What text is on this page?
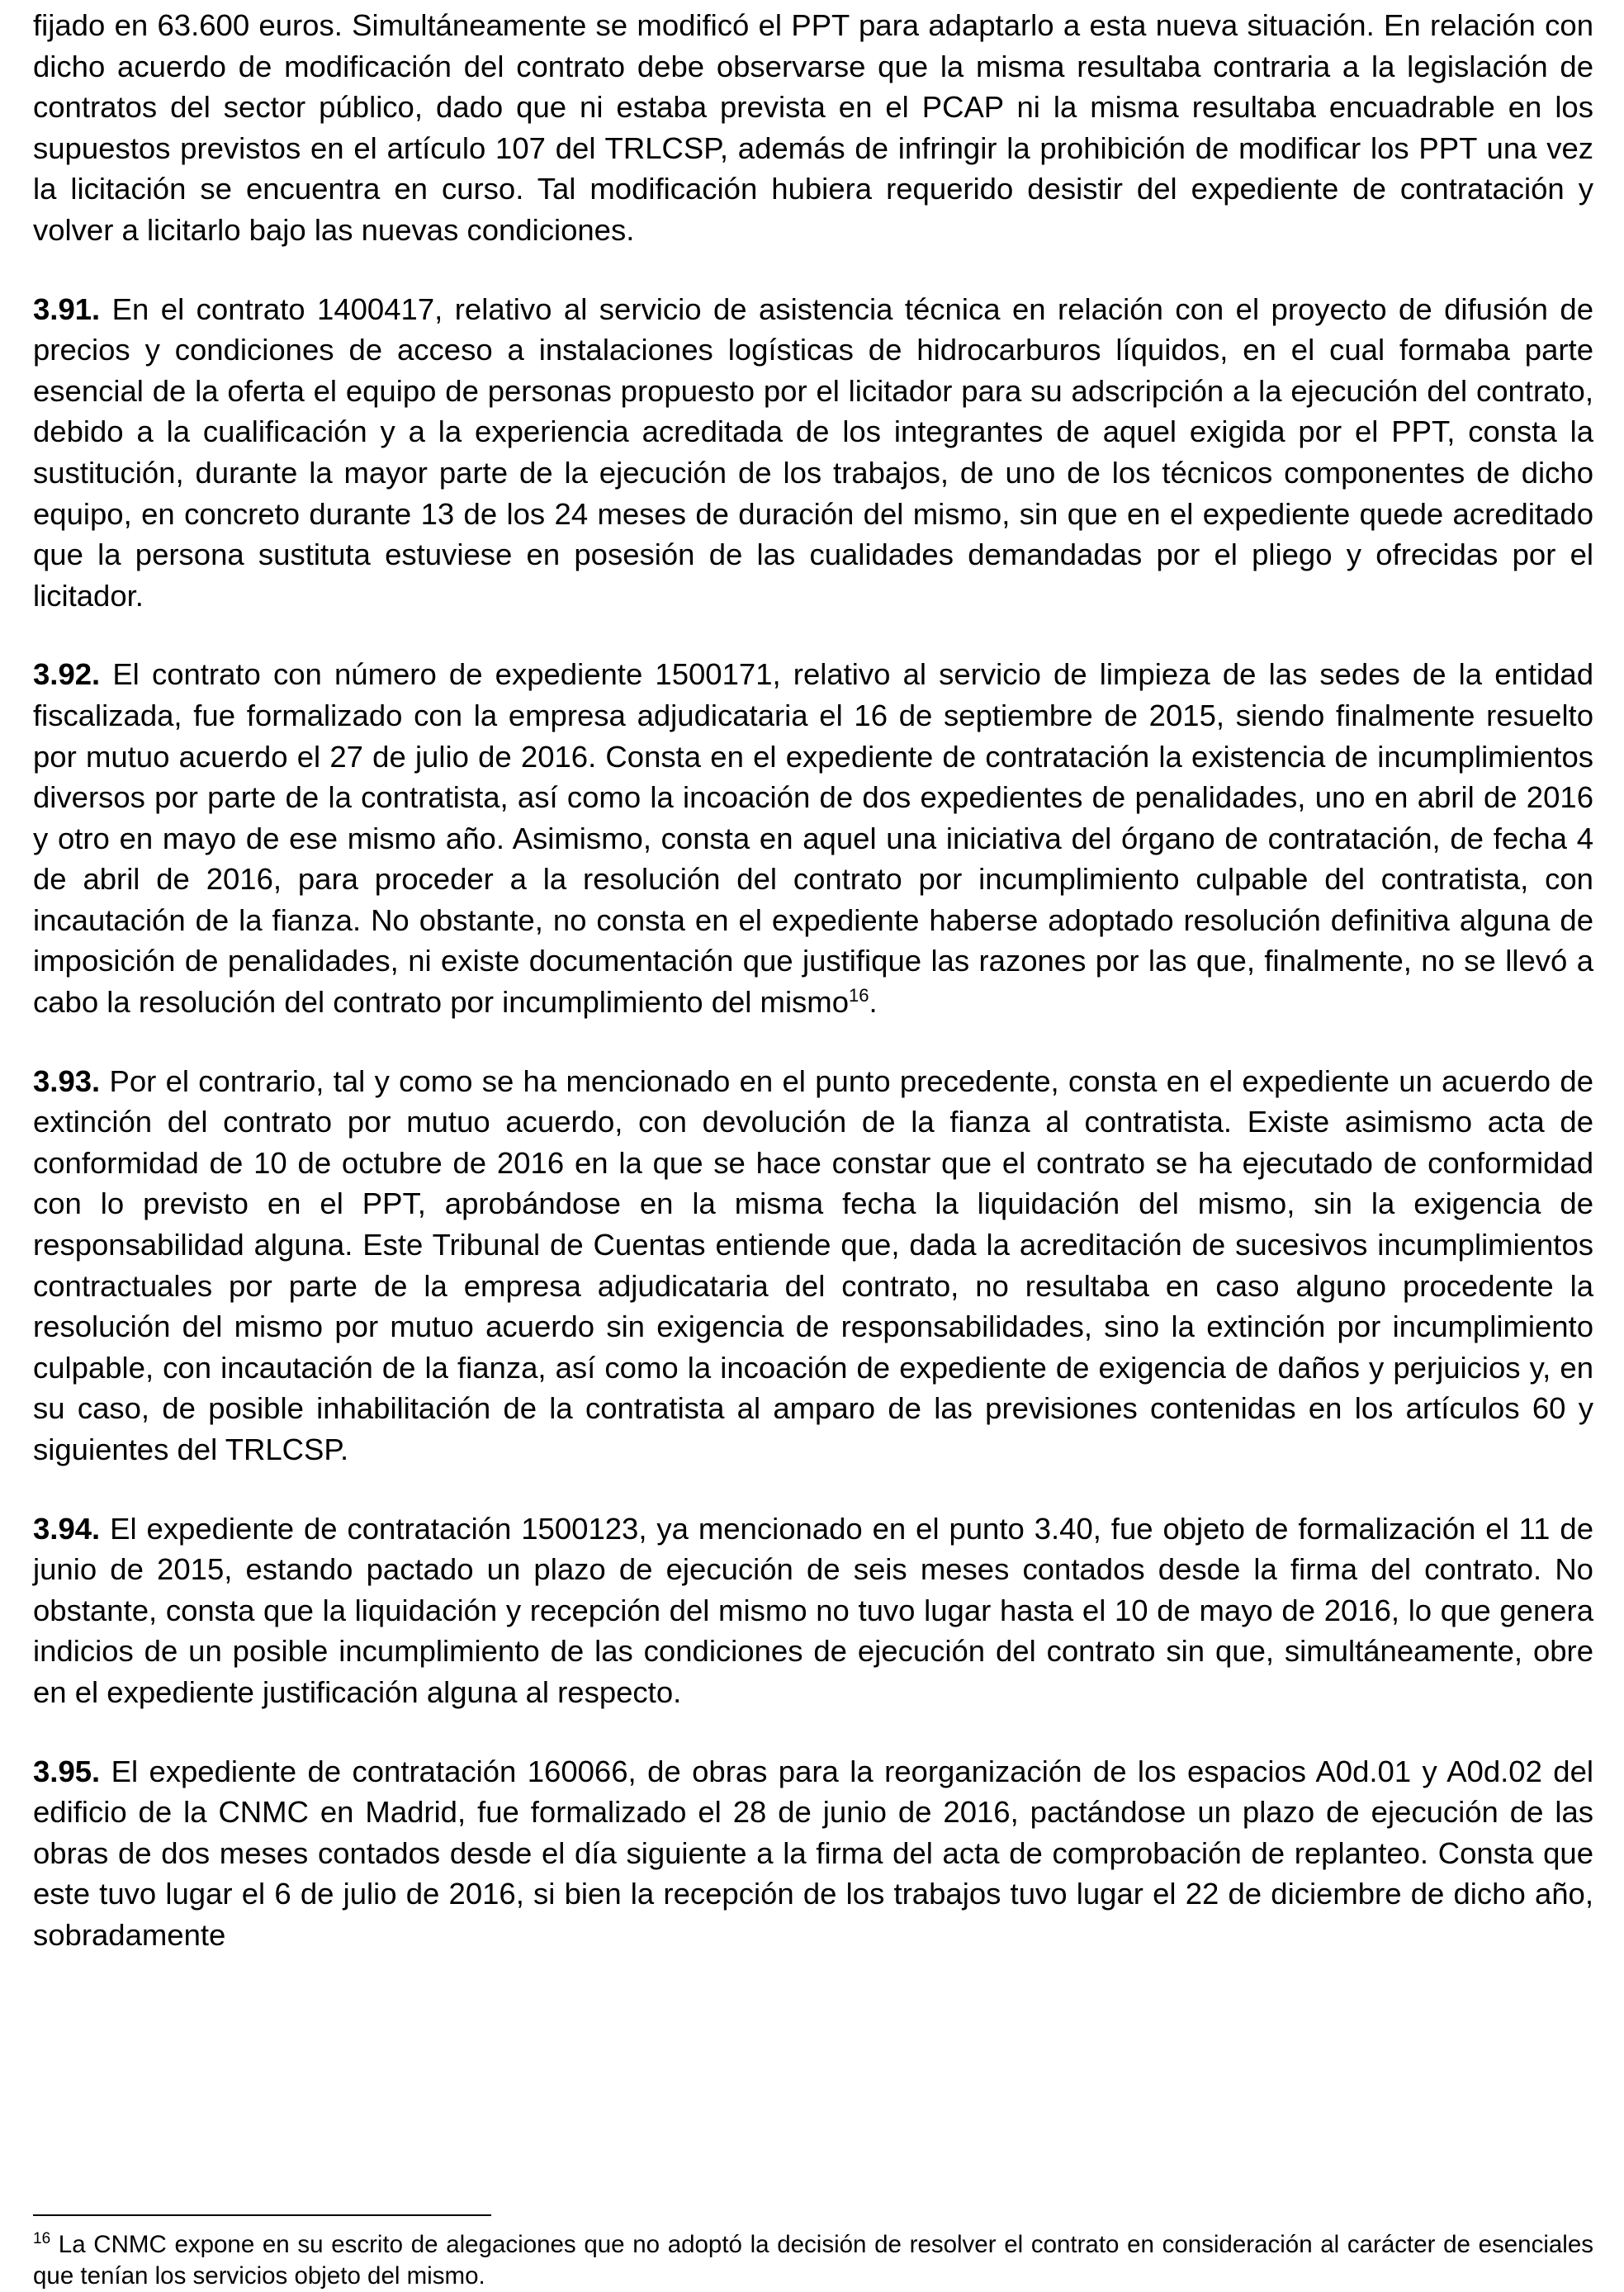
fijado en 63.600 euros. Simultáneamente se modificó el PPT para adaptarlo a esta nueva situación. En relación con dicho acuerdo de modificación del contrato debe observarse que la misma resultaba contraria a la legislación de contratos del sector público, dado que ni estaba prevista en el PCAP ni la misma resultaba encuadrable en los supuestos previstos en el artículo 107 del TRLCSP, además de infringir la prohibición de modificar los PPT una vez la licitación se encuentra en curso. Tal modificación hubiera requerido desistir del expediente de contratación y volver a licitarlo bajo las nuevas condiciones.

3.91. En el contrato 1400417, relativo al servicio de asistencia técnica en relación con el proyecto de difusión de precios y condiciones de acceso a instalaciones logísticas de hidrocarburos líquidos, en el cual formaba parte esencial de la oferta el equipo de personas propuesto por el licitador para su adscripción a la ejecución del contrato, debido a la cualificación y a la experiencia acreditada de los integrantes de aquel exigida por el PPT, consta la sustitución, durante la mayor parte de la ejecución de los trabajos, de uno de los técnicos componentes de dicho equipo, en concreto durante 13 de los 24 meses de duración del mismo, sin que en el expediente quede acreditado que la persona sustituta estuviese en posesión de las cualidades demandadas por el pliego y ofrecidas por el licitador.

3.92. El contrato con número de expediente 1500171, relativo al servicio de limpieza de las sedes de la entidad fiscalizada, fue formalizado con la empresa adjudicataria el 16 de septiembre de 2015, siendo finalmente resuelto por mutuo acuerdo el 27 de julio de 2016. Consta en el expediente de contratación la existencia de incumplimientos diversos por parte de la contratista, así como la incoación de dos expedientes de penalidades, uno en abril de 2016 y otro en mayo de ese mismo año. Asimismo, consta en aquel una iniciativa del órgano de contratación, de fecha 4 de abril de 2016, para proceder a la resolución del contrato por incumplimiento culpable del contratista, con incautación de la fianza. No obstante, no consta en el expediente haberse adoptado resolución definitiva alguna de imposición de penalidades, ni existe documentación que justifique las razones por las que, finalmente, no se llevó a cabo la resolución del contrato por incumplimiento del mismo$^{16}$.

3.93. Por el contrario, tal y como se ha mencionado en el punto precedente, consta en el expediente un acuerdo de extinción del contrato por mutuo acuerdo, con devolución de la fianza al contratista. Existe asimismo acta de conformidad de 10 de octubre de 2016 en la que se hace constar que el contrato se ha ejecutado de conformidad con lo previsto en el PPT, aprobándose en la misma fecha la liquidación del mismo, sin la exigencia de responsabilidad alguna. Este Tribunal de Cuentas entiende que, dada la acreditación de sucesivos incumplimientos contractuales por parte de la empresa adjudicataria del contrato, no resultaba en caso alguno procedente la resolución del mismo por mutuo acuerdo sin exigencia de responsabilidades, sino la extinción por incumplimiento culpable, con incautación de la fianza, así como la incoación de expediente de exigencia de daños y perjuicios y, en su caso, de posible inhabilitación de la contratista al amparo de las previsiones contenidas en los artículos 60 y siguientes del TRLCSP.

3.94. El expediente de contratación 1500123, ya mencionado en el punto 3.40, fue objeto de formalización el 11 de junio de 2015, estando pactado un plazo de ejecución de seis meses contados desde la firma del contrato. No obstante, consta que la liquidación y recepción del mismo no tuvo lugar hasta el 10 de mayo de 2016, lo que genera indicios de un posible incumplimiento de las condiciones de ejecución del contrato sin que, simultáneamente, obre en el expediente justificación alguna al respecto.

3.95. El expediente de contratación 160066, de obras para la reorganización de los espacios A0d.01 y A0d.02 del edificio de la CNMC en Madrid, fue formalizado el 28 de junio de 2016, pactándose un plazo de ejecución de las obras de dos meses contados desde el día siguiente a la firma del acta de comprobación de replanteo. Consta que este tuvo lugar el 6 de julio de 2016, si bien la recepción de los trabajos tuvo lugar el 22 de diciembre de dicho año, sobradamente

$^{16}$ La CNMC expone en su escrito de alegaciones que no adoptó la decisión de resolver el contrato en consideración al carácter de esenciales que tenían los servicios objeto del mismo.
